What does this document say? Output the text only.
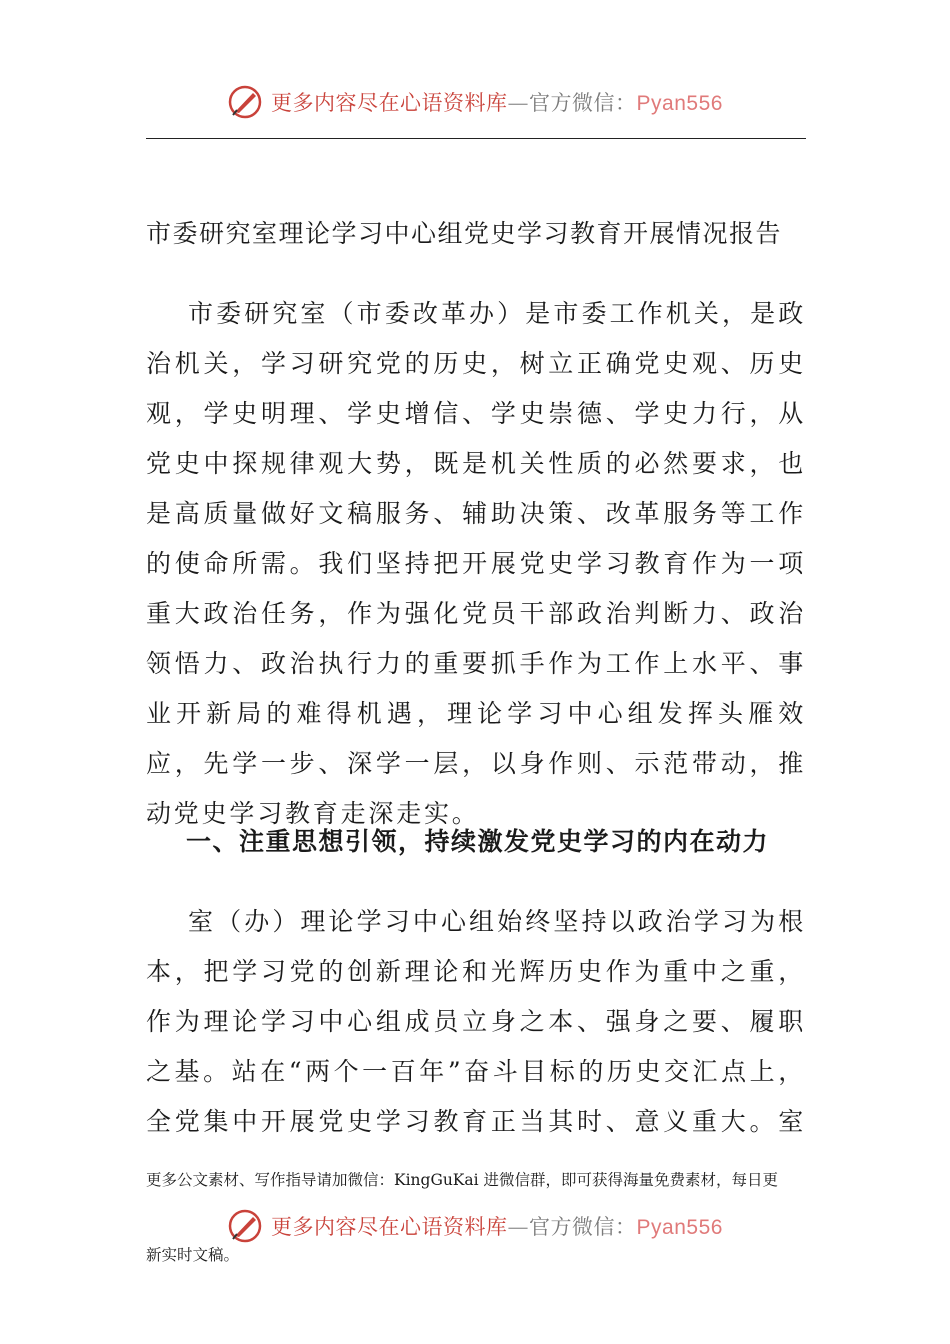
更多内容尽在心语资料库—官方微信：Pyan556
市委研究室理论学习中心组党史学习教育开展情况报告

市委研究室（市委改革办）是市委工作机关，是政治机关，学习研究党的历史，树立正确党史观、历史观，学史明理、学史增信、学史崇德、学史力行，从党史中探规律观大势，既是机关性质的必然要求，也是高质量做好文稿服务、辅助决策、改革服务等工作的使命所需。我们坚持把开展党史学习教育作为一项重大政治任务，作为强化党员干部政治判断力、政治领悟力、政治执行力的重要抓手作为工作上水平、事业开新局的难得机遇，理论学习中心组发挥头雁效应，先学一步、深学一层，以身作则、示范带动，推动党史学习教育走深走实。

一、注重思想引领，持续激发党史学习的内在动力

室（办）理论学习中心组始终坚持以政治学习为根本，把学习党的创新理论和光辉历史作为重中之重，作为理论学习中心组成员立身之本、强身之要、履职之基。站在“两个一百年”奋斗目标的历史交汇点上，全党集中开展党史学习教育正当其时、意义重大。室

更多公文素材、写作指导请加微信：KingGuKai 进微信群，即可获得海量免费素材，每日更
更多内容尽在心语资料库—官方微信：Pyan556
新实时文稿。
